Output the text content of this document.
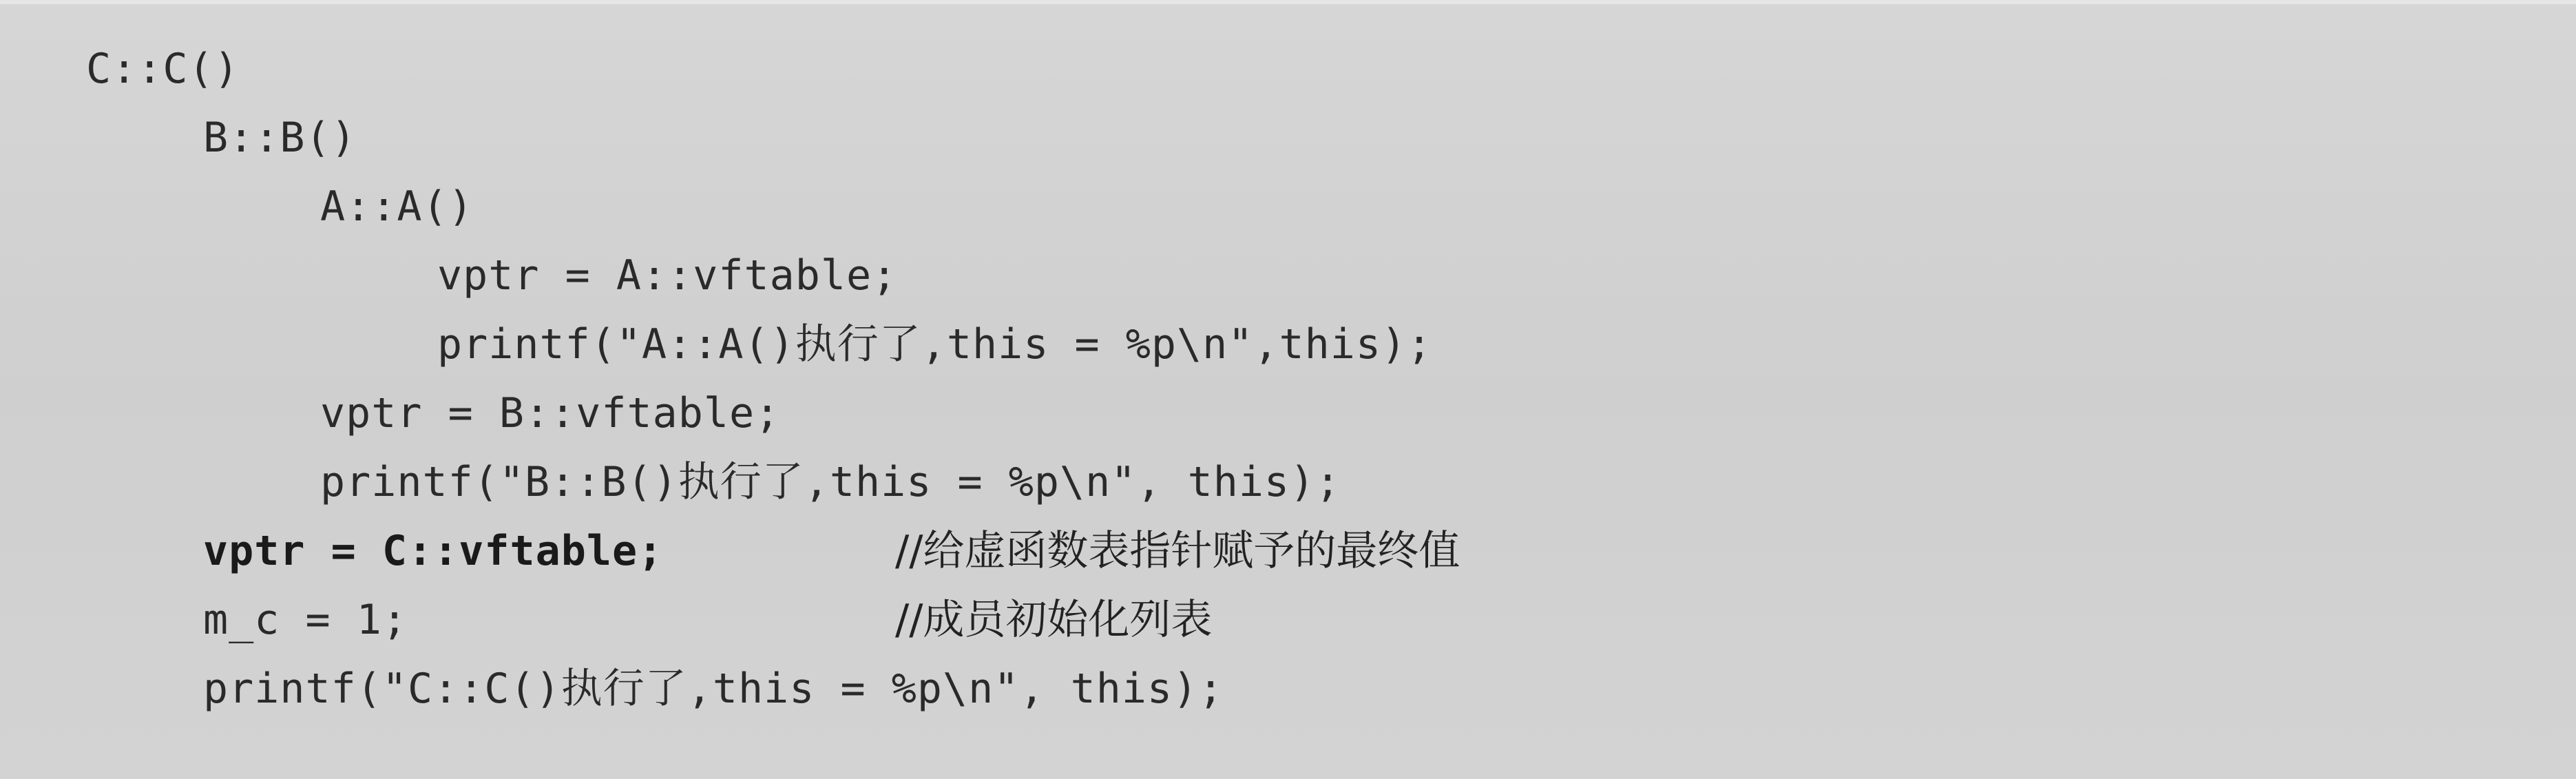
C::C()
B::B()
A::A()
vptr = A::vftable;
printf("A::A()执行了,this = %p\n",this);
vptr = B::vftable;
printf("B::B()执行了,this = %p\n", this);
vptr = C::vftable;	//给虚函数表指针赋予的最终值
m_c = 1;	//成员初始化列表
printf("C::C()执行了,this = %p\n", this);
